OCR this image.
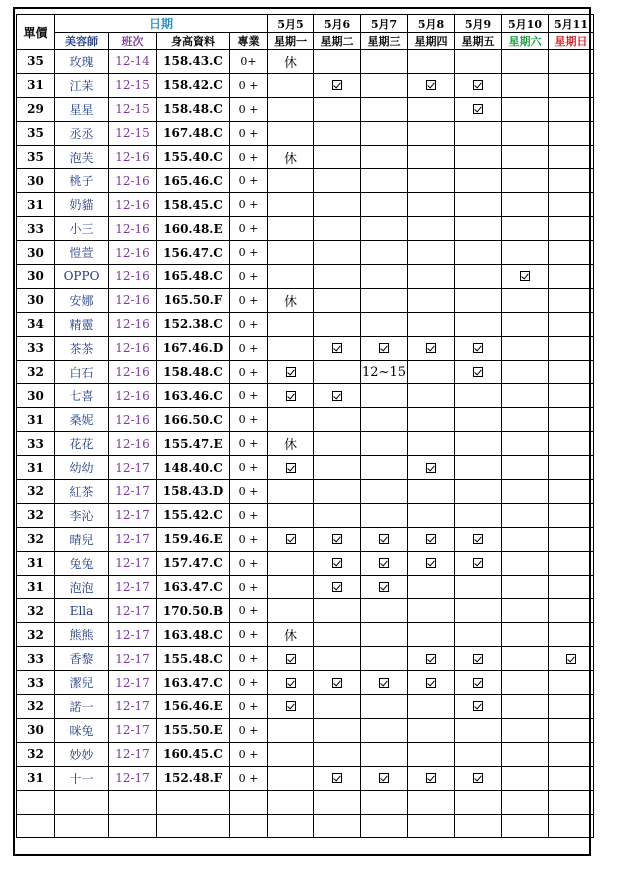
單價	日期				5月5	5月6	5月7	5月8	5月9	5月10	5月11
	美容師	班次	身高資料	專業	星期一	星期二	星期三	星期四	星期五	星期六	星期日
35	玫瑰	12-14	158.43.C	0+	休						
31	江苿	12-15	158.42.C	0 +							
29	星星	12-15	158.48.C	0 +							
35	丞丞	12-15	167.48.C	0 +							
35	泡芙	12-16	155.40.C	0 +	休						
30	桃子	12-16	165.46.C	0 +							
31	奶貓	12-16	158.45.C	0 +							
33	小三	12-16	160.48.E	0 +							
30	愷萱	12-16	156.47.C	0 +							
30	OPPO	12-16	165.48.C	0 +							
30	安娜	12-16	165.50.F	0 +	休						
34	精靈	12-16	152.38.C	0 +							
33	茶茶	12-16	167.46.D	0 +							
32	白石	12-16	158.48.C	0 +			12~15				
30	七喜	12-16	163.46.C	0 +							
31	桑妮	12-16	166.50.C	0 +							
33	花花	12-16	155.47.E	0 +	休						
31	幼幼	12-17	148.40.C	0 +							
32	紅茶	12-17	158.43.D	0 +							
32	李沁	12-17	155.42.C	0 +							
32	晴兒	12-17	159.46.E	0 +							
31	兔兔	12-17	157.47.C	0 +							
31	泡泡	12-17	163.47.C	0 +							
32	Ella	12-17	170.50.B	0 +							
32	熊熊	12-17	163.48.C	0 +	休						
33	香黎	12-17	155.48.C	0 +							
33	潔兒	12-17	163.47.C	0 +							
32	諾一	12-17	156.46.E	0 +							
30	咪兔	12-17	155.50.E	0 +							
32	妙妙	12-17	160.45.C	0 +							
31	十一	12-17	152.48.F	0 +							
